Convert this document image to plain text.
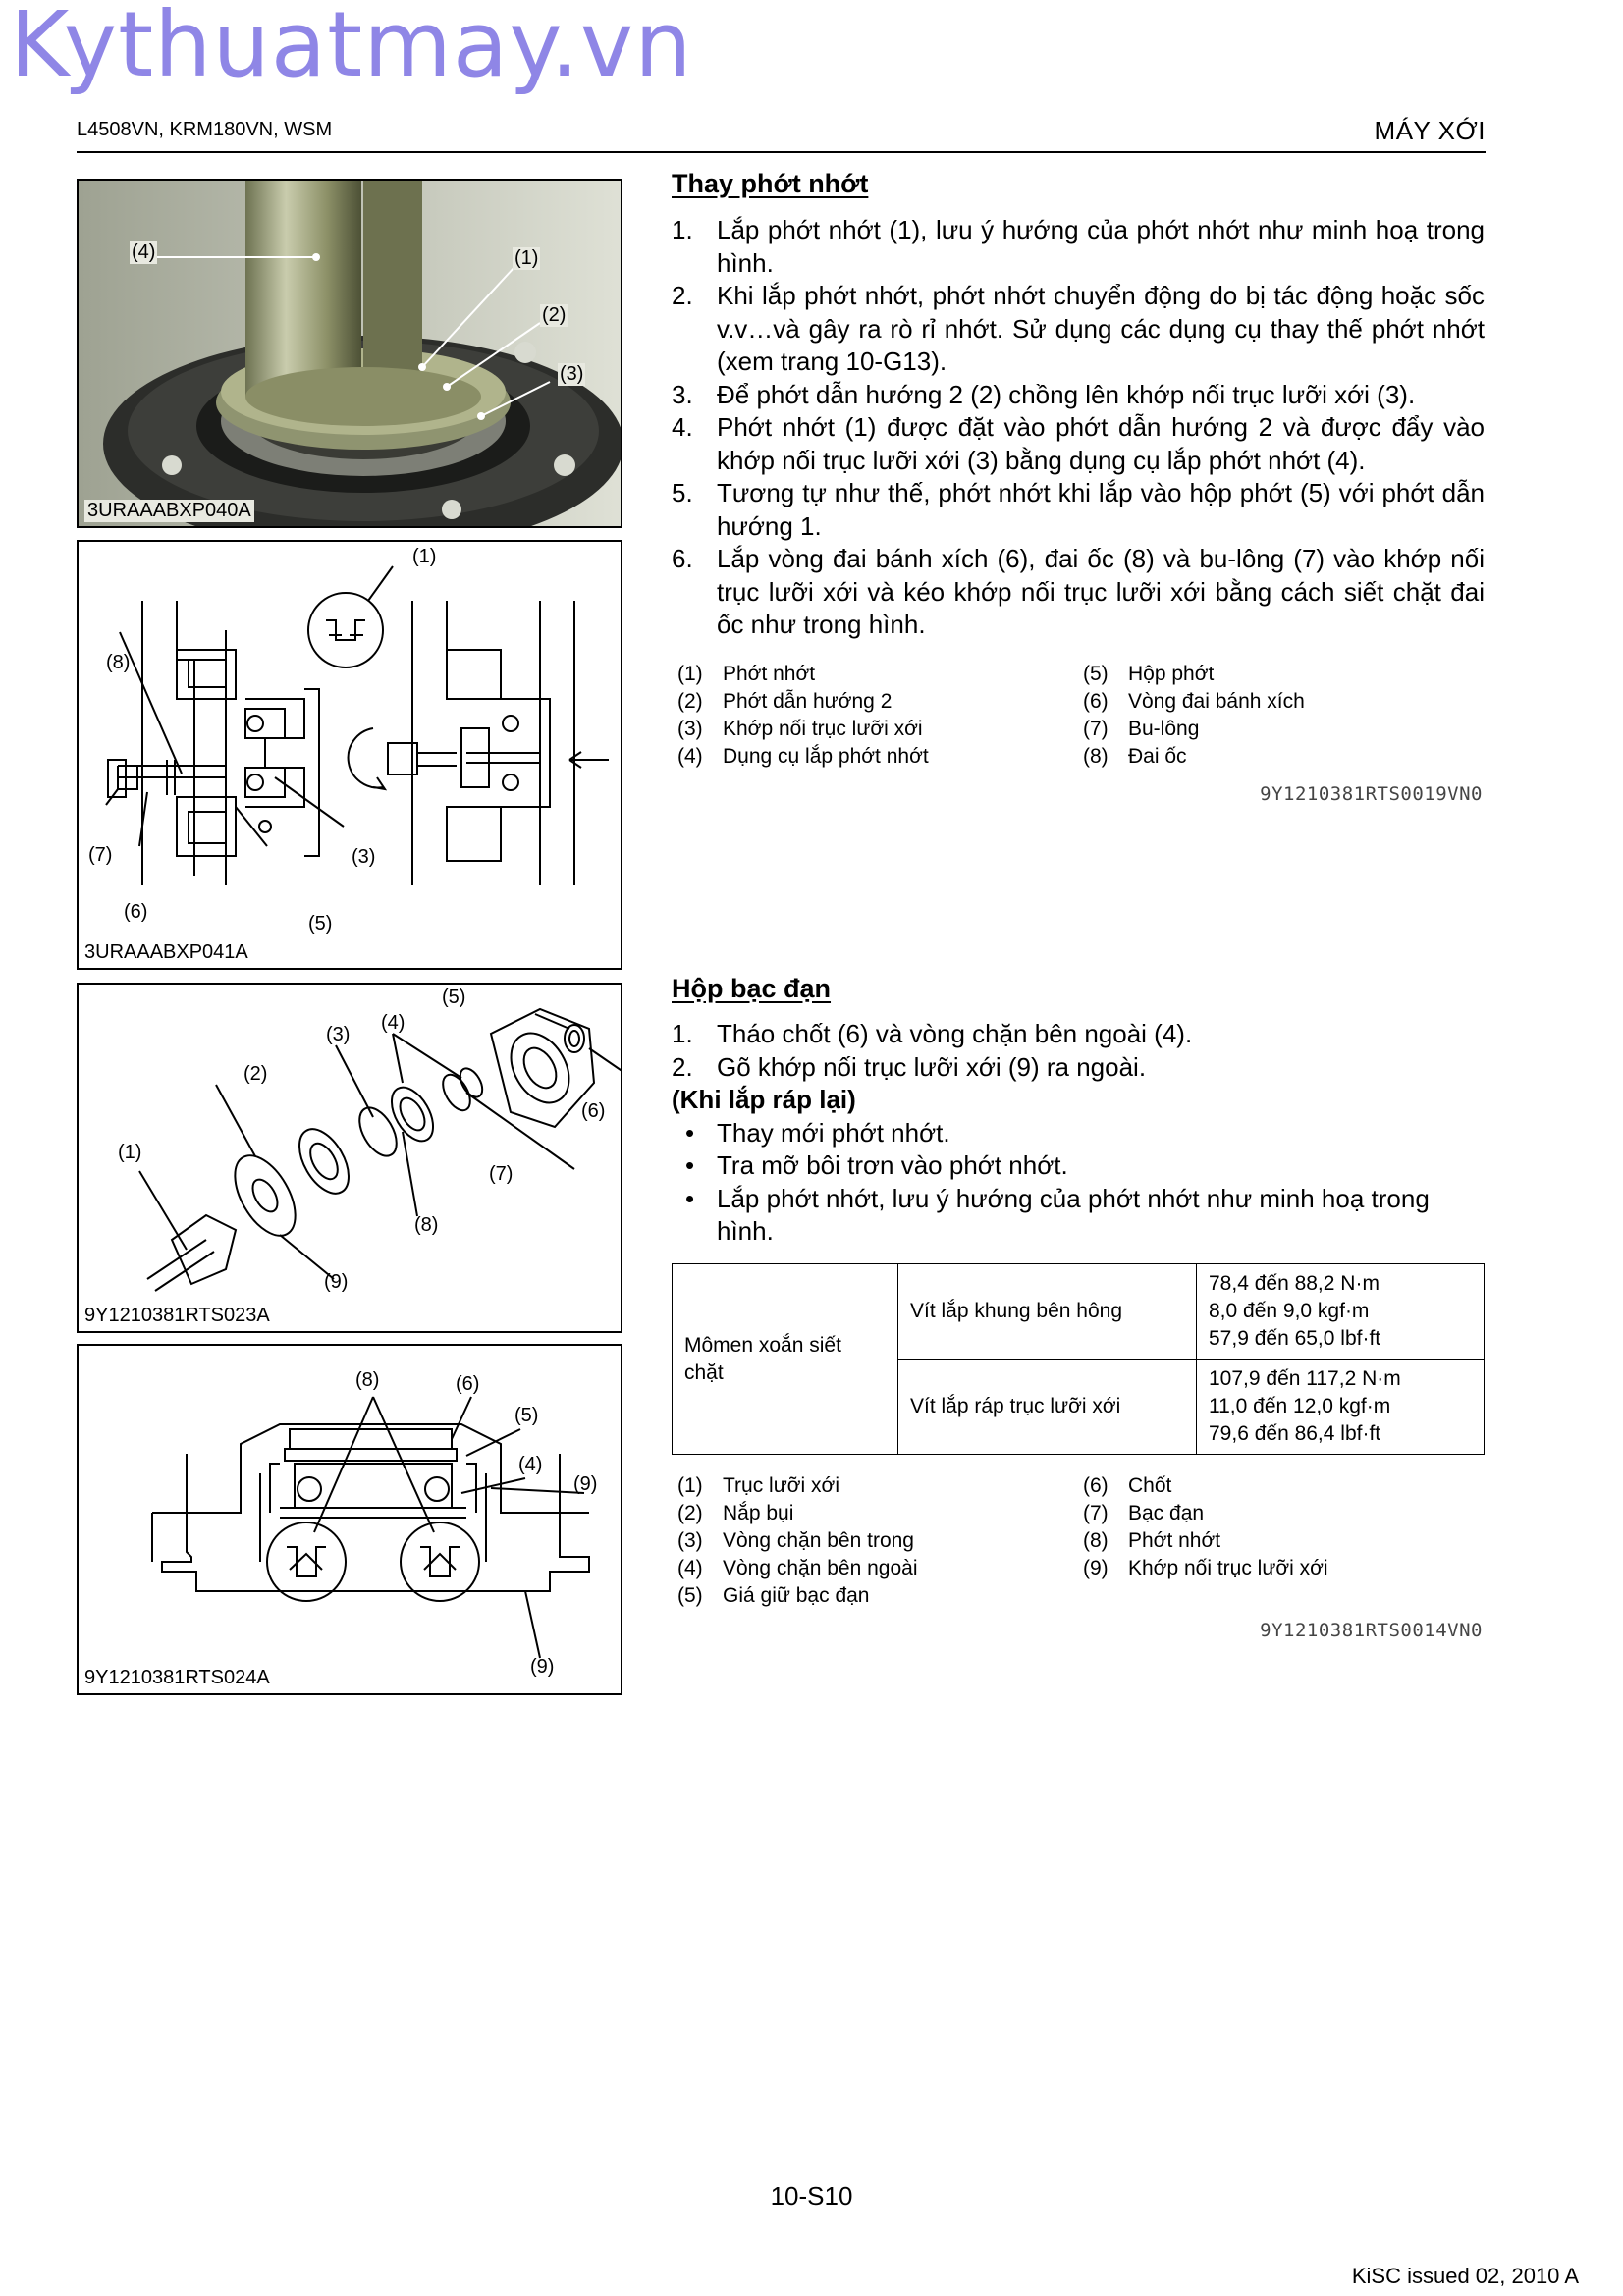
Kythuatmay.vn
L4508VN, KRM180VN, WSM	MÁY XỚI
(4)	(1)
(2)
(3)
3URAAABXP040A
(1)
(8)
(7)
(6)
(5)
(3)
3URAAABXP041A
(5)
(3)
(4)
(2)
(6)
(1)
(7)
(8)
(9)
9Y1210381RTS023A
(8)	(6)
(5)
(4)
(9)
(9)
9Y1210381RTS024A
Thay phớt nhớt
1. Lắp phớt nhớt (1), lưu ý hướng của phớt nhớt như minh hoạ trong hình.
2. Khi lắp phớt nhớt, phớt nhớt chuyển động do bị tác động hoặc sốc v.v…và gây ra rò rỉ nhớt. Sử dụng các dụng cụ thay thế phớt nhớt (xem trang 10-G13).
3. Để phớt dẫn hướng 2 (2) chồng lên khớp nối trục lưỡi xới (3).
4. Phớt nhớt (1) được đặt vào phớt dẫn hướng 2 và được đẩy vào khớp nối trục lưỡi xới (3) bằng dụng cụ lắp phớt nhớt (4).
5. Tương tự như thế, phớt nhớt khi lắp vào hộp phớt (5) với phớt dẫn hướng 1.
6. Lắp vòng đai bánh xích (6), đai ốc (8) và bu-lông (7) vào khớp nối trục lưỡi xới và kéo khớp nối trục lưỡi xới bằng cách siết chặt đai ốc như trong hình.
(1) Phớt nhớt	(5) Hộp phớt
(2) Phớt dẫn hướng 2	(6) Vòng đai bánh xích
(3) Khớp nối trục lưỡi xới	(7) Bu-lông
(4) Dụng cụ lắp phớt nhớt	(8) Đai ốc
9Y1210381RTS0019VN0
Hộp bạc đạn
1. Tháo chốt (6) và vòng chặn bên ngoài (4).
2. Gõ khớp nối trục lưỡi xới (9) ra ngoài.
(Khi lắp ráp lại)
• Thay mới phớt nhớt.
• Tra mỡ bôi trơn vào phớt nhớt.
• Lắp phớt nhớt, lưu ý hướng của phớt nhớt như minh hoạ trong hình.
Mômen xoắn siết chặt	Vít lắp khung bên hông	78,4 đến 88,2 N·m
8,0 đến 9,0 kgf·m
57,9 đến 65,0 lbf·ft

	Vít lắp ráp trục lưỡi xới	107,9 đến 117,2 N·m
11,0 đến 12,0 kgf·m
79,6 đến 86,4 lbf·ft
(1) Trục lưỡi xới	(6) Chốt
(2) Nắp bụi	(7) Bạc đạn
(3) Vòng chặn bên trong	(8) Phớt nhớt
(4) Vòng chặn bên ngoài	(9) Khớp nối trục lưỡi xới
(5) Giá giữ bạc đạn
9Y1210381RTS0014VN0
10-S10
KiSC issued 02, 2010 A
